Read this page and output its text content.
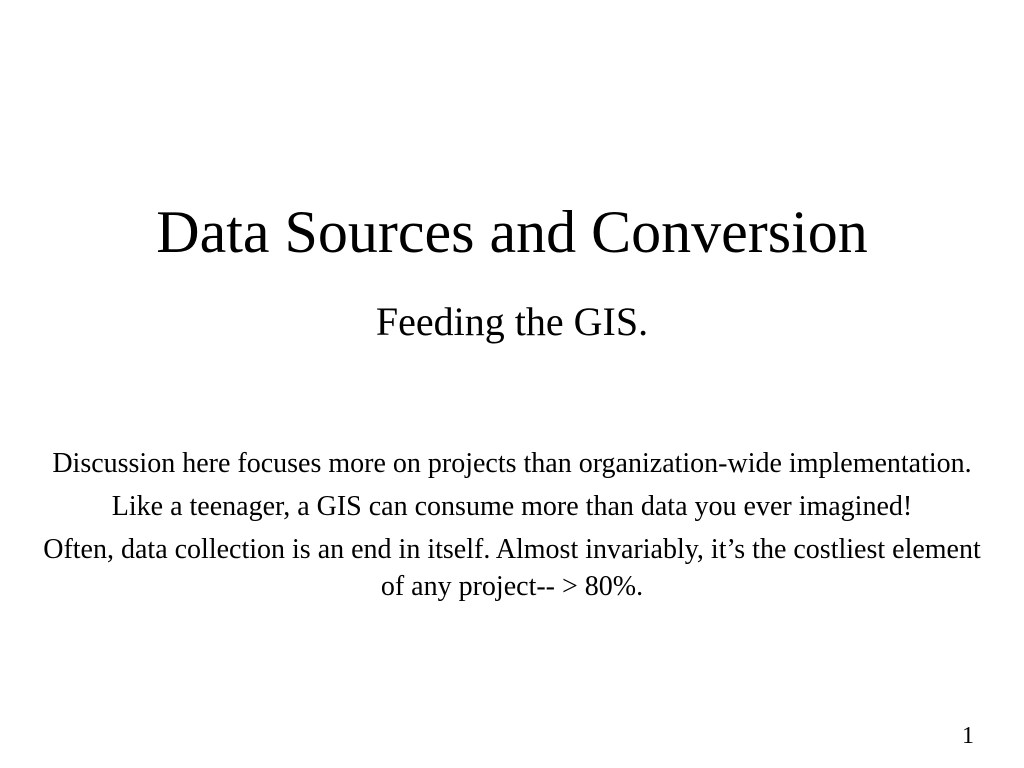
Data Sources and Conversion
Feeding the GIS.

Discussion here focuses more on projects than organization-wide implementation.

Like a teenager, a GIS can consume more than data you ever imagined!

Often, data collection is an end in itself. Almost invariably, it’s the costliest element of any project-- > 80%.

1
